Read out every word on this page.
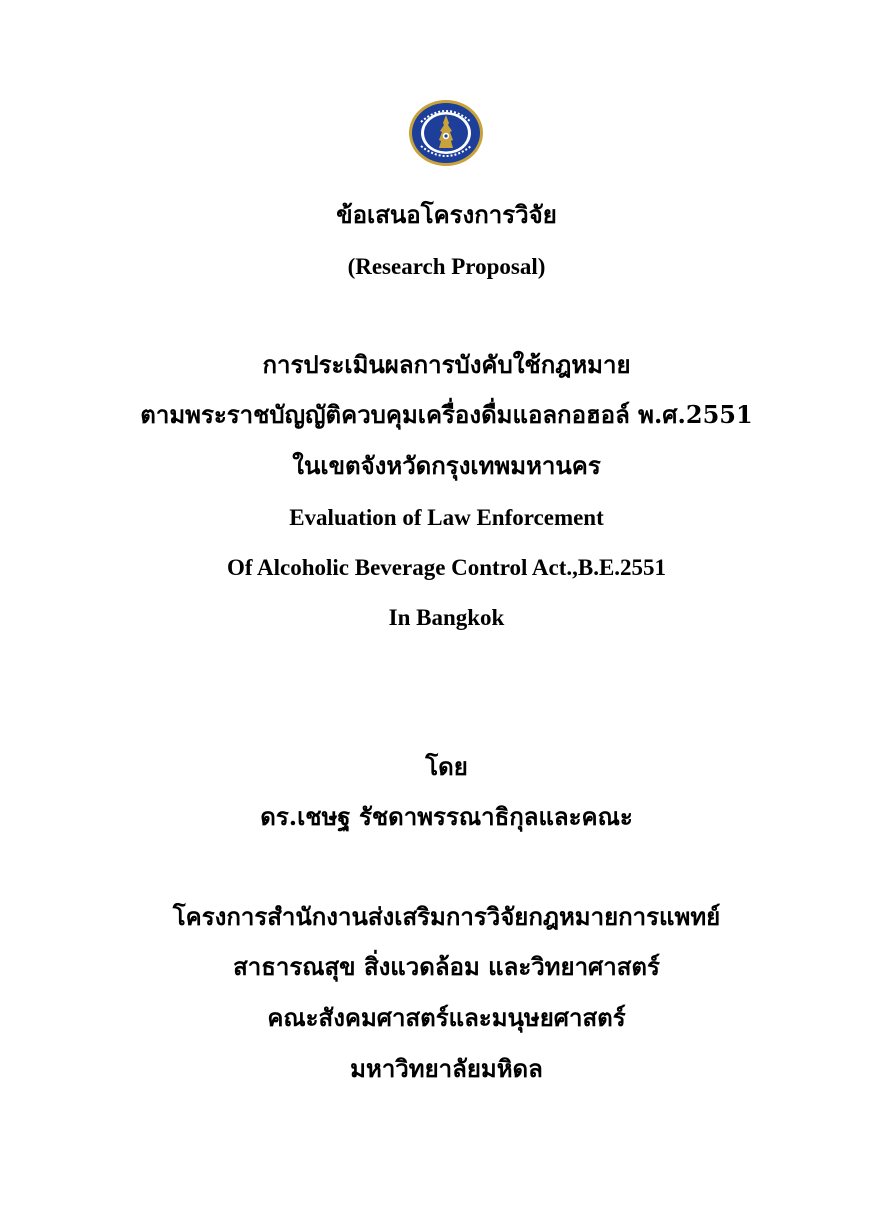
ข้อเสนอโครงการวิจัย
(Research Proposal)
การประเมินผลการบังคับใช้กฎหมาย
ตามพระราชบัญญัติควบคุมเครื่องดื่มแอลกอฮอล์ พ.ศ.2551
ในเขตจังหวัดกรุงเทพมหานคร
Evaluation of Law Enforcement
Of Alcoholic Beverage Control Act.,B.E.2551
In Bangkok
โดย
ดร.เชษฐ รัชดาพรรณาธิกุลและคณะ
โครงการสำนักงานส่งเสริมการวิจัยกฎหมายการแพทย์
สาธารณสุข สิ่งแวดล้อม และวิทยาศาสตร์
คณะสังคมศาสตร์และมนุษยศาสตร์
มหาวิทยาลัยมหิดล
